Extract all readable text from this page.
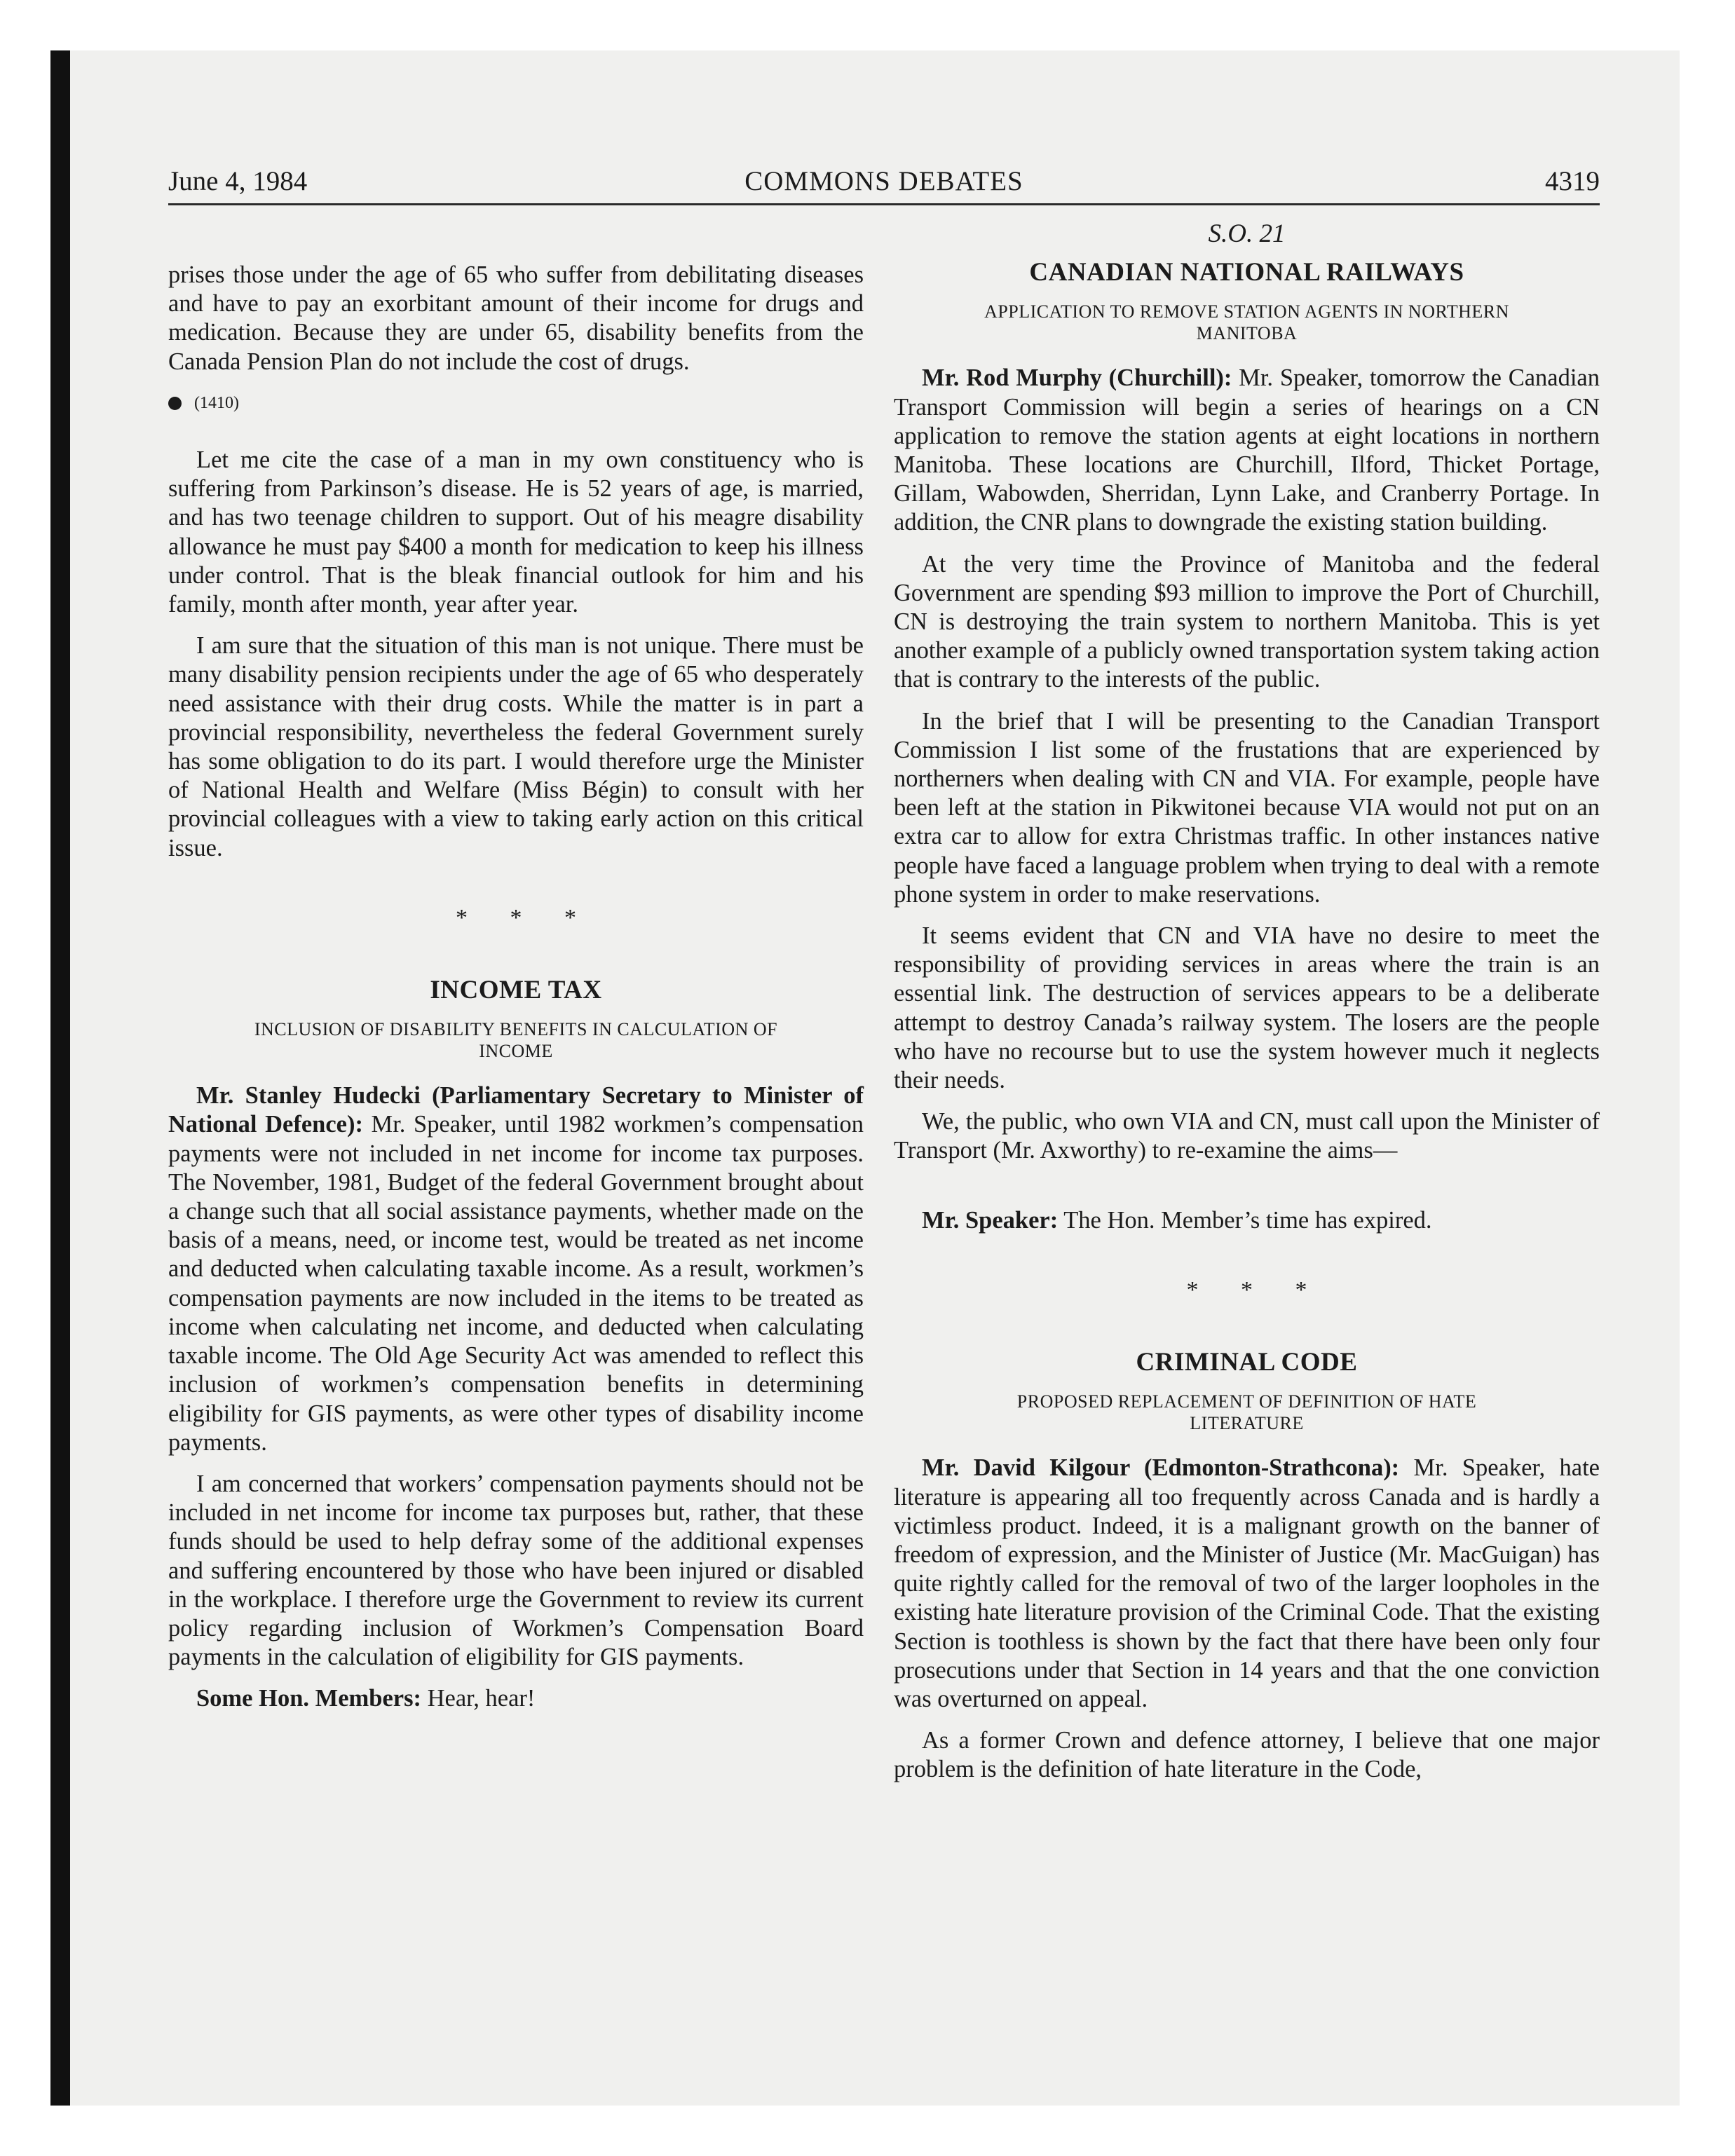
June 4, 1984	COMMONS DEBATES	4319

prises those under the age of 65 who suffer from debilitating diseases and have to pay an exorbitant amount of their income for drugs and medication. Because they are under 65, disability benefits from the Canada Pension Plan do not include the cost of drugs.

(1410)

Let me cite the case of a man in my own constituency who is suffering from Parkinson’s disease. He is 52 years of age, is married, and has two teenage children to support. Out of his meagre disability allowance he must pay $400 a month for medication to keep his illness under control. That is the bleak financial outlook for him and his family, month after month, year after year.

I am sure that the situation of this man is not unique. There must be many disability pension recipients under the age of 65 who desperately need assistance with their drug costs. While the matter is in part a provincial responsibility, nevertheless the federal Government surely has some obligation to do its part. I would therefore urge the Minister of National Health and Welfare (Miss Bégin) to consult with her provincial colleagues with a view to taking early action on this critical issue.

* * *
INCOME TAX
INCLUSION OF DISABILITY BENEFITS IN CALCULATION OF INCOME

Mr. Stanley Hudecki (Parliamentary Secretary to Minister of National Defence): Mr. Speaker, until 1982 workmen’s compensation payments were not included in net income for income tax purposes. The November, 1981, Budget of the federal Government brought about a change such that all social assistance payments, whether made on the basis of a means, need, or income test, would be treated as net income and deducted when calculating taxable income. As a result, workmen’s compensation payments are now included in the items to be treated as income when calculating net income, and deducted when calculating taxable income. The Old Age Security Act was amended to reflect this inclusion of workmen’s compensation benefits in determining eligibility for GIS payments, as were other types of disability income payments.

I am concerned that workers’ compensation payments should not be included in net income for income tax purposes but, rather, that these funds should be used to help defray some of the additional expenses and suffering encountered by those who have been injured or disabled in the workplace. I therefore urge the Government to review its current policy regarding inclusion of Workmen’s Compensation Board payments in the calculation of eligibility for GIS payments.

Some Hon. Members: Hear, hear!

S.O. 21
CANADIAN NATIONAL RAILWAYS
APPLICATION TO REMOVE STATION AGENTS IN NORTHERN MANITOBA

Mr. Rod Murphy (Churchill): Mr. Speaker, tomorrow the Canadian Transport Commission will begin a series of hearings on a CN application to remove the station agents at eight locations in northern Manitoba. These locations are Churchill, Ilford, Thicket Portage, Gillam, Wabowden, Sherridan, Lynn Lake, and Cranberry Portage. In addition, the CNR plans to downgrade the existing station building.

At the very time the Province of Manitoba and the federal Government are spending $93 million to improve the Port of Churchill, CN is destroying the train system to northern Manitoba. This is yet another example of a publicly owned transportation system taking action that is contrary to the interests of the public.

In the brief that I will be presenting to the Canadian Transport Commission I list some of the frustations that are experienced by northerners when dealing with CN and VIA. For example, people have been left at the station in Pikwitonei because VIA would not put on an extra car to allow for extra Christmas traffic. In other instances native people have faced a language problem when trying to deal with a remote phone system in order to make reservations.

It seems evident that CN and VIA have no desire to meet the responsibility of providing services in areas where the train is an essential link. The destruction of services appears to be a deliberate attempt to destroy Canada’s railway system. The losers are the people who have no recourse but to use the system however much it neglects their needs.

We, the public, who own VIA and CN, must call upon the Minister of Transport (Mr. Axworthy) to re-examine the aims—

Mr. Speaker: The Hon. Member’s time has expired.

* * *
CRIMINAL CODE
PROPOSED REPLACEMENT OF DEFINITION OF HATE LITERATURE

Mr. David Kilgour (Edmonton-Strathcona): Mr. Speaker, hate literature is appearing all too frequently across Canada and is hardly a victimless product. Indeed, it is a malignant growth on the banner of freedom of expression, and the Minister of Justice (Mr. MacGuigan) has quite rightly called for the removal of two of the larger loopholes in the existing hate literature provision of the Criminal Code. That the existing Section is toothless is shown by the fact that there have been only four prosecutions under that Section in 14 years and that the one conviction was overturned on appeal.

As a former Crown and defence attorney, I believe that one major problem is the definition of hate literature in the Code,
